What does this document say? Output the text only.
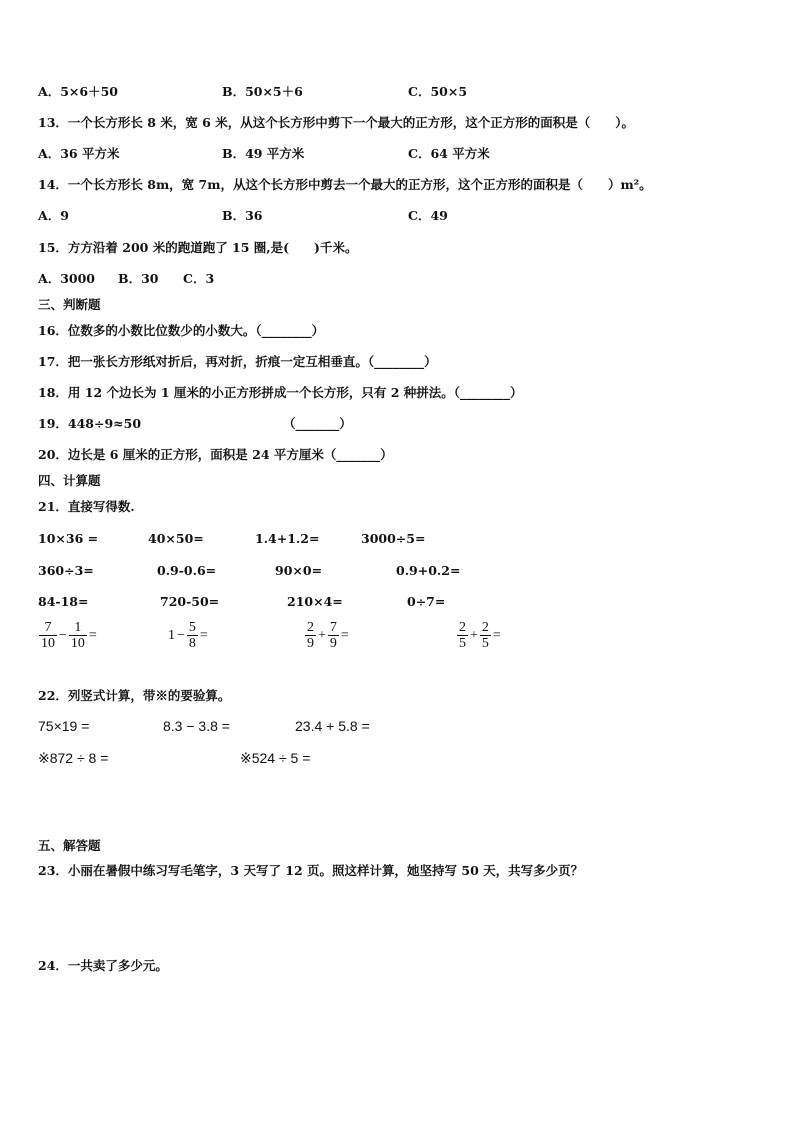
A．5×6＋50	B．50×5＋6	C．50×5
13．一个长方形长 8 米，宽 6 米，从这个长方形中剪下一个最大的正方形，这个正方形的面积是（　　）。
A．36 平方米	B．49 平方米	C．64 平方米
14．一个长方形长 8m，宽 7m，从这个长方形中剪去一个最大的正方形，这个正方形的面积是（　　）m²。
A．9	B．36	C．49
15．方方沿着 200 米的跑道跑了 15 圈,是(　　)千米。
A．3000 B．30 C．3
三、判断题
16．位数多的小数比位数少的小数大。（________）
17．把一张长方形纸对折后，再对折，折痕一定互相垂直。（________）
18．用 12 个边长为 1 厘米的小正方形拼成一个长方形，只有 2 种拼法。（________）
19．448÷9≈50	（_______）
20．边长是 6 厘米的正方形，面积是 24 平方厘米（_______）
四、计算题
21．直接写得数.
10×36 =	40×50=	1.4+1.2=	3000÷5=
360÷3=	0.9-0.6=	90×0=	0.9+0.2=
84-18=	720-50=	210×4=	0÷7=
$\frac{7}{10} - \frac{1}{10}$ =	$1 - \frac{5}{8}$ =	$\frac{2}{9} + \frac{7}{9}$ =	$\frac{2}{5} + \frac{2}{5}$ =
22．列竖式计算，带※的要验算。
75×19 =	8.3 − 3.8 =	23.4 + 5.8 =
※872 ÷ 8 =	※524 ÷ 5 =
五、解答题
23．小丽在暑假中练习写毛笔字，3 天写了 12 页。照这样计算，她坚持写 50 天，共写多少页？
24．一共卖了多少元。
